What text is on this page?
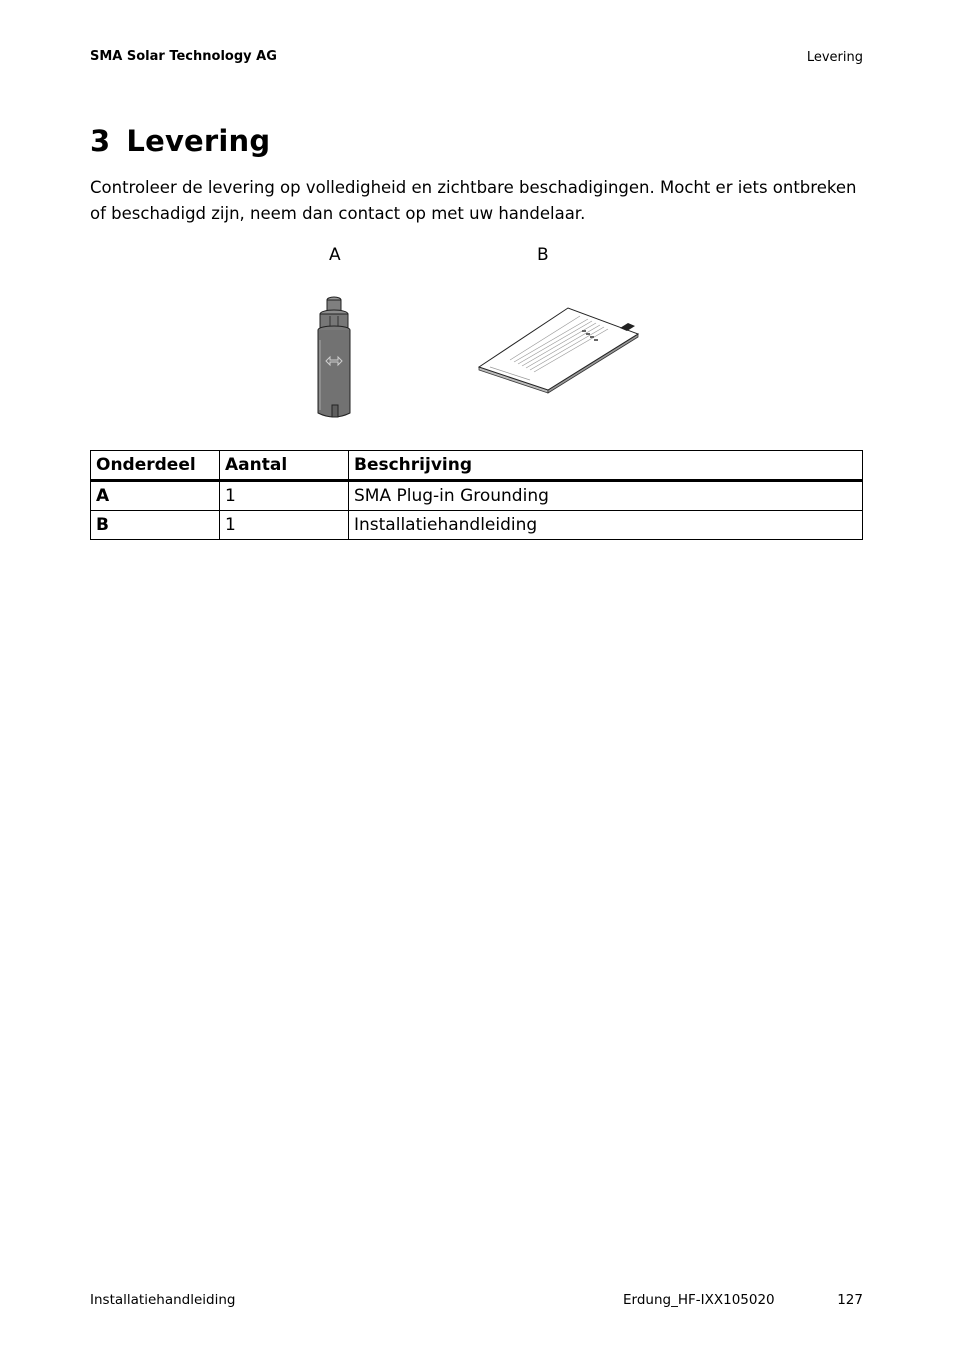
SMA Solar Technology AG	Levering
3 Levering

Controleer de levering op volledigheid en zichtbare beschadigingen. Mocht er iets ontbreken of beschadigd zijn, neem dan contact op met uw handelaar.

A	B
Onderdeel	Aantal	Beschrijving
A	1	SMA Plug-in Grounding
B	1	Installatiehandleiding
Installatiehandleiding	Erdung_HF-IXX105020	127
